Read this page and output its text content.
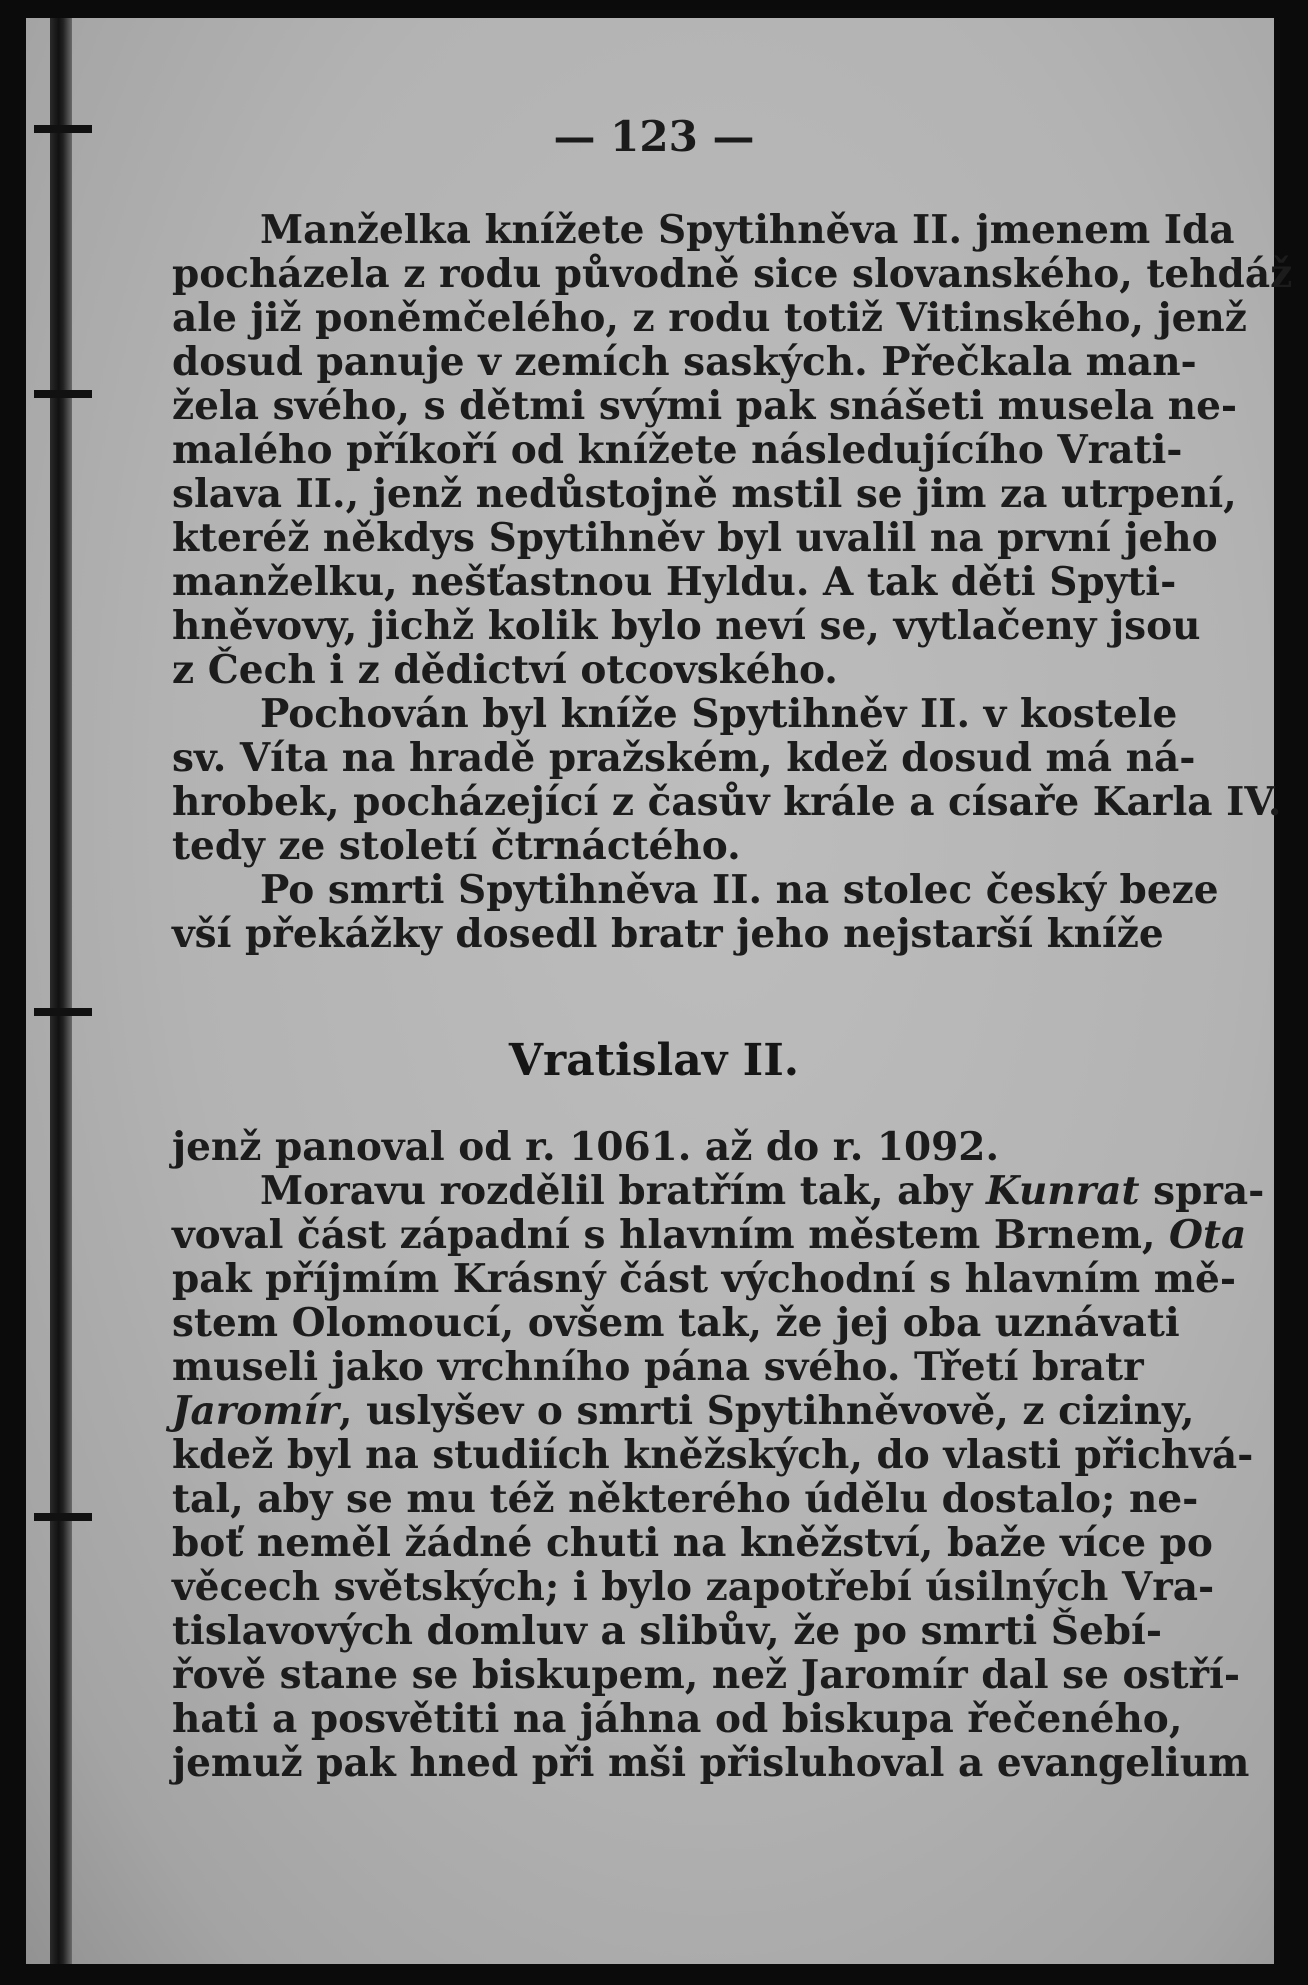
— 123 —
Manželka knížete Spytihněva II. jmenem Ida
pocházela z rodu původně sice slovanského, tehdáž
ale již poněmčelého, z rodu totiž Vitinského, jenž
dosud panuje v zemích saských. Přečkala man-
žela svého, s dětmi svými pak snášeti musela ne-
malého příkoří od knížete následujícího Vrati-
slava II., jenž nedůstojně mstil se jim za utrpení,
kteréž někdys Spytihněv byl uvalil na první jeho
manželku, nešťastnou Hyldu. A tak děti Spyti-
hněvovy, jichž kolik bylo neví se, vytlačeny jsou
z Čech i z dědictví otcovského.
Pochován byl kníže Spytihněv II. v kostele
sv. Víta na hradě pražském, kdež dosud má ná-
hrobek, pocházející z časův krále a císaře Karla IV.
tedy ze století čtrnáctého.
Po smrti Spytihněva II. na stolec český beze
vší překážky dosedl bratr jeho nejstarší kníže
Vratislav II.
jenž panoval od r. 1061. až do r. 1092.
Moravu rozdělil bratřím tak, aby Kunrat spra-
voval část západní s hlavním městem Brnem, Ota
pak příjmím Krásný část východní s hlavním mě-
stem Olomoucí, ovšem tak, že jej oba uznávati
museli jako vrchního pána svého. Třetí bratr
Jaromír, uslyšev o smrti Spytihněvově, z ciziny,
kdež byl na studiích kněžských, do vlasti přichvá-
tal, aby se mu též některého údělu dostalo; ne-
boť neměl žádné chuti na kněžství, baže více po
věcech světských; i bylo zapotřebí úsilných Vra-
tislavových domluv a slibův, že po smrti Šebí-
řově stane se biskupem, než Jaromír dal se ostří-
hati a posvětiti na jáhna od biskupa řečeného,
jemuž pak hned při mši přisluhoval a evangelium
